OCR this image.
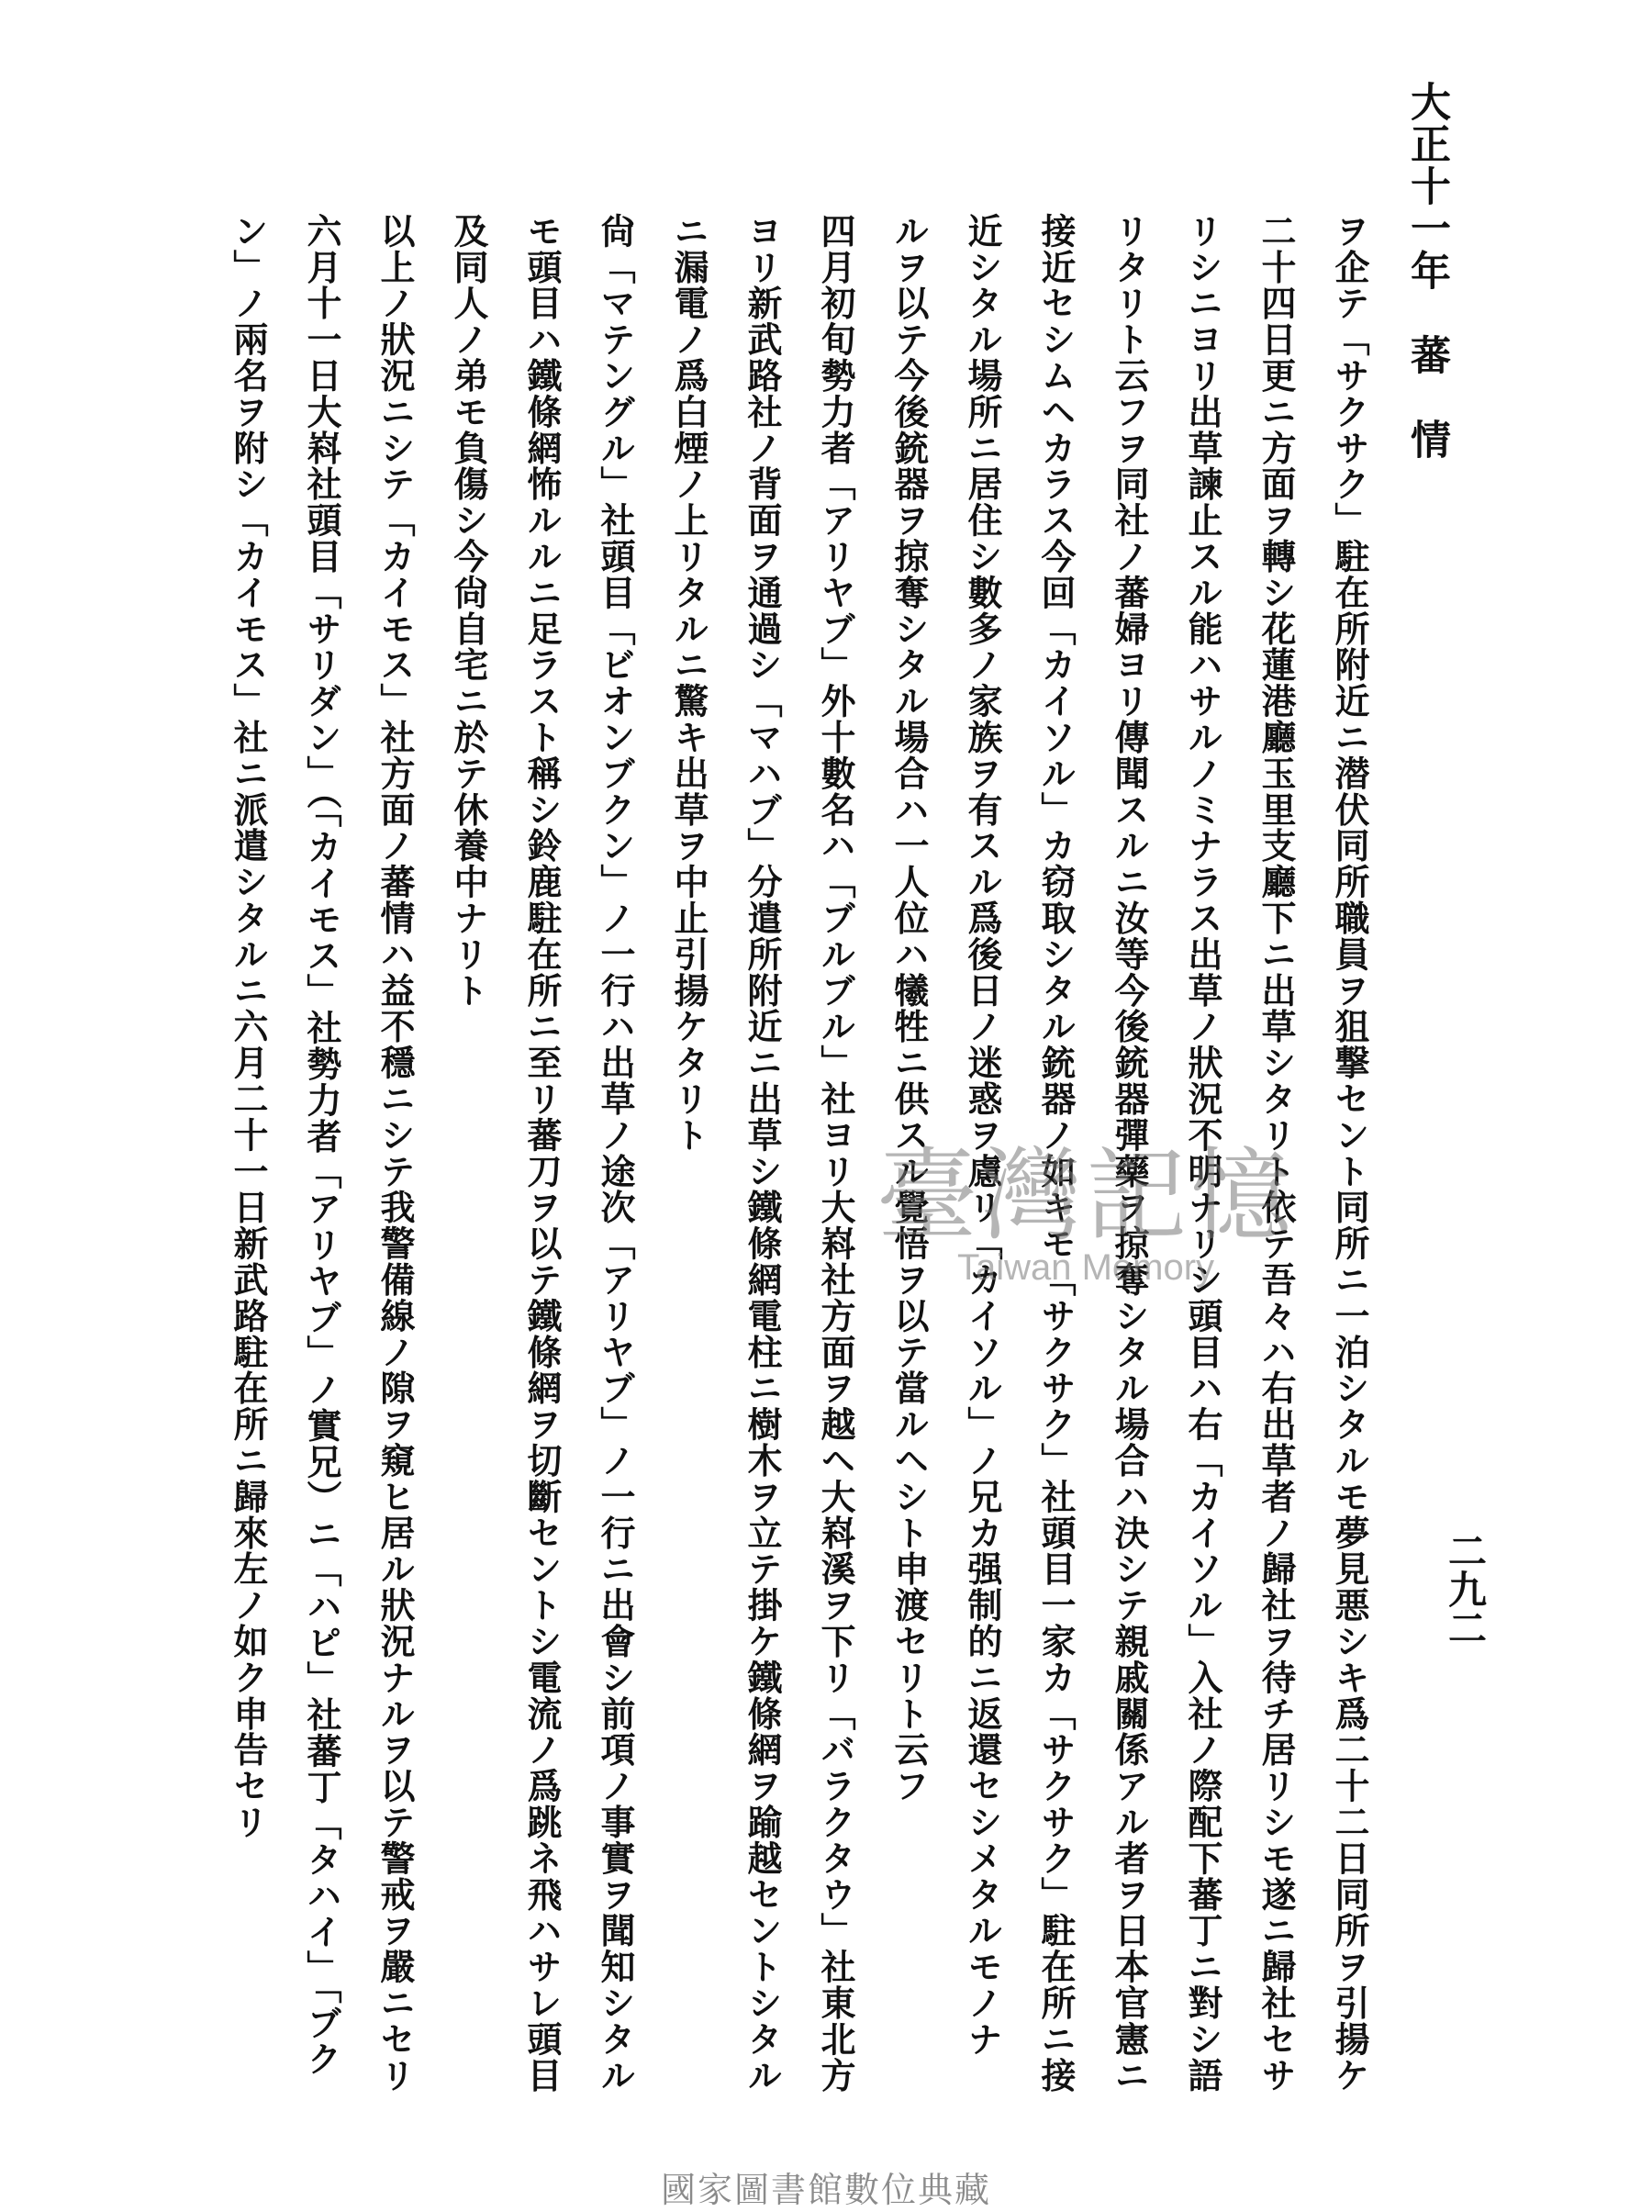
大正十一年　蕃　情
二九二
ヲ企テ「サクサク」駐在所附近ニ潜伏同所職員ヲ狙撃セント同所ニ一泊シタルモ夢見悪シキ爲二十二日同所ヲ引揚ケ
二十四日更ニ方面ヲ轉シ花蓮港廳玉里支廳下ニ出草シタリト依テ吾々ハ右出草者ノ歸社ヲ待チ居リシモ遂ニ歸社セサ
リシニヨリ出草諫止スル能ハサルノミナラス出草ノ狀況不明ナリシ頭目ハ右「カイソル」入社ノ際配下蕃丁ニ對シ語
リタリト云フヲ同社ノ蕃婦ヨリ傳聞スルニ汝等今後銃器彈藥ヲ掠奪シタル場合ハ決シテ親戚關係アル者ヲ日本官憲ニ
接近セシムヘカラス今回「カイソル」カ窃取シタル銃器ノ如キモ「サクサク」社頭目一家カ「サクサク」駐在所ニ接
近シタル場所ニ居住シ數多ノ家族ヲ有スル爲後日ノ迷惑ヲ慮リ「カイソル」ノ兄カ强制的ニ返還セシメタルモノナ
ルヲ以テ今後銃器ヲ掠奪シタル場合ハ一人位ハ犧牲ニ供スル覺悟ヲ以テ當ルヘシト申渡セリト云フ
四月初旬勢力者「アリヤブ」外十數名ハ「ブルブル」社ヨリ大嵙社方面ヲ越ヘ大嵙溪ヲ下リ「バラクタウ」社東北方
ヨリ新武路社ノ背面ヲ通過シ「マハブ」分遣所附近ニ出草シ鐵條網電柱ニ樹木ヲ立テ掛ケ鐵條網ヲ踰越セントシタル
ニ漏電ノ爲白煙ノ上リタルニ驚キ出草ヲ中止引揚ケタリト
尙「マテングル」社頭目「ビオンブクン」ノ一行ハ出草ノ途次「アリヤブ」ノ一行ニ出會シ前項ノ事實ヲ聞知シタル
モ頭目ハ鐵條網怖ルルニ足ラスト稱シ鈴鹿駐在所ニ至リ蕃刀ヲ以テ鐵條網ヲ切斷セントシ電流ノ爲跳ネ飛ハサレ頭目
及同人ノ弟モ負傷シ今尙自宅ニ於テ休養中ナリト
以上ノ狀況ニシテ「カイモス」社方面ノ蕃情ハ益不穩ニシテ我警備線ノ隙ヲ窺ヒ居ル狀況ナルヲ以テ警戒ヲ嚴ニセリ
六月十一日大嵙社頭目「サリダン」（「カイモス」社勢力者「アリヤブ」ノ實兄）ニ「ハピ」社蕃丁「タハイ」「ブク
ン」ノ兩名ヲ附シ「カイモス」社ニ派遣シタルニ六月二十一日新武路駐在所ニ歸來左ノ如ク申告セリ	臺灣記憶
Taiwan Memory
國家圖書館數位典藏
